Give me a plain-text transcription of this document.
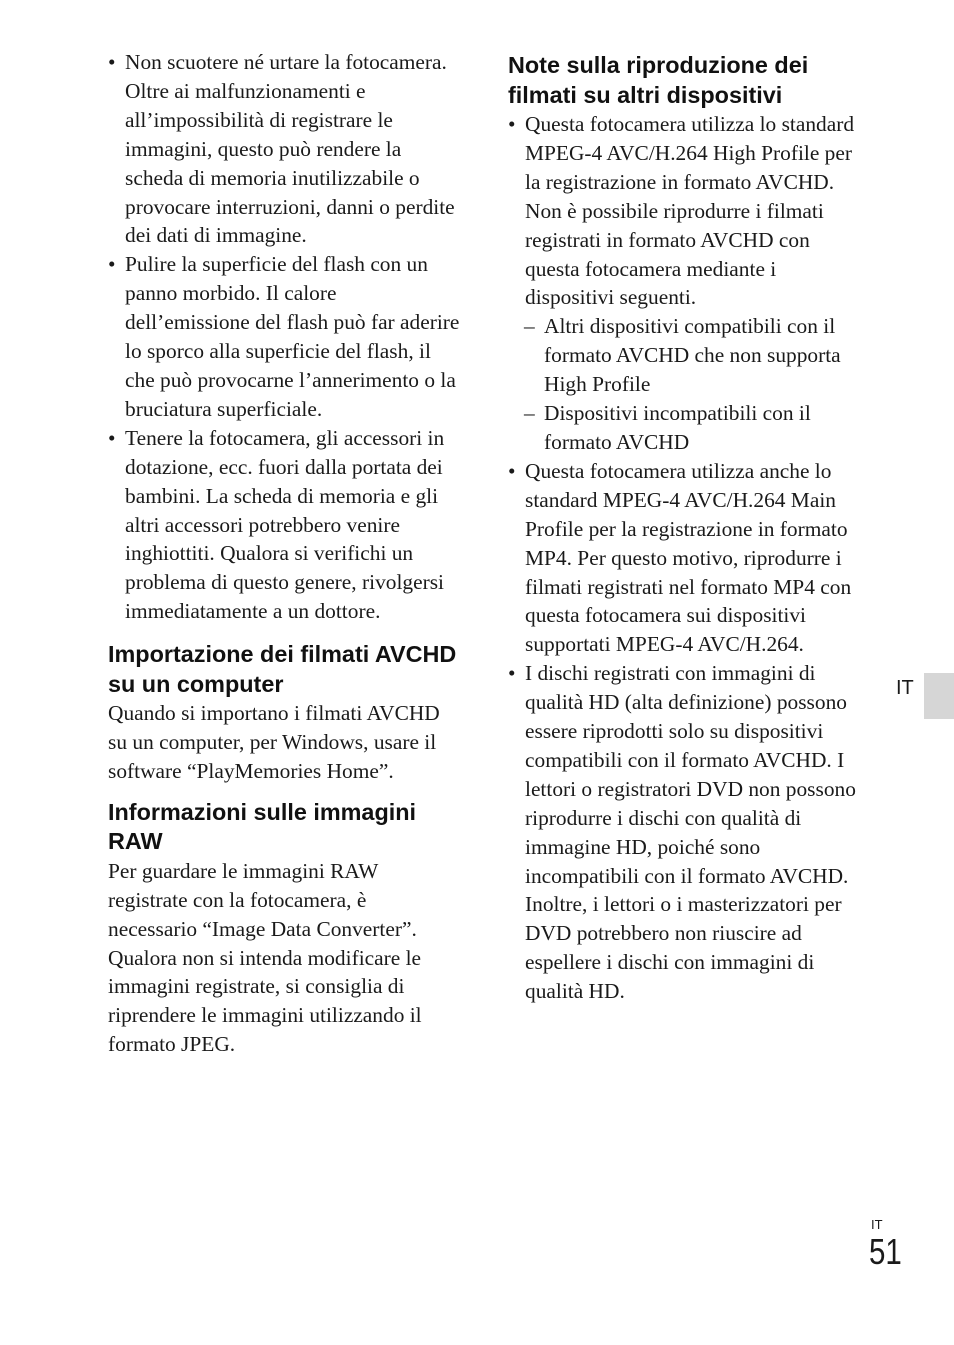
• Non scuotere né urtare la fotocamera. Oltre ai malfunzionamenti e all’impossibilità di registrare le immagini, questo può rendere la scheda di memoria inutilizzabile o provocare interruzioni, danni o perdite dei dati di immagine.

• Pulire la superficie del flash con un panno morbido. Il calore dell’emissione del flash può far aderire lo sporco alla superficie del flash, il che può provocarne l’annerimento o la bruciatura superficiale.

• Tenere la fotocamera, gli accessori in dotazione, ecc. fuori dalla portata dei bambini. La scheda di memoria e gli altri accessori potrebbero venire inghiottiti. Qualora si verifichi un problema di questo genere, rivolgersi immediatamente a un dottore.

Importazione dei filmati AVCHD su un computer

Quando si importano i filmati AVCHD su un computer, per Windows, usare il software “PlayMemories Home”.

Informazioni sulle immagini RAW

Per guardare le immagini RAW registrate con la fotocamera, è necessario “Image Data Converter”. Qualora non si intenda modificare le immagini registrate, si consiglia di riprendere le immagini utilizzando il formato JPEG.

Note sulla riproduzione dei filmati su altri dispositivi

• Questa fotocamera utilizza lo standard MPEG-4 AVC/H.264 High Profile per la registrazione in formato AVCHD. Non è possibile riprodurre i filmati registrati in formato AVCHD con questa fotocamera mediante i dispositivi seguenti.

– Altri dispositivi compatibili con il formato AVCHD che non supporta High Profile

– Dispositivi incompatibili con il formato AVCHD

• Questa fotocamera utilizza anche lo standard MPEG-4 AVC/H.264 Main Profile per la registrazione in formato MP4. Per questo motivo, riprodurre i filmati registrati nel formato MP4 con questa fotocamera sui dispositivi supportati MPEG-4 AVC/H.264.

• I dischi registrati con immagini di qualità HD (alta definizione) possono essere riprodotti solo su dispositivi compatibili con il formato AVCHD. I lettori o registratori DVD non possono riprodurre i dischi con qualità di immagine HD, poiché sono incompatibili con il formato AVCHD. Inoltre, i lettori o i masterizzatori per DVD potrebbero non riuscire ad espellere i dischi con immagini di qualità HD.

IT
IT
51
